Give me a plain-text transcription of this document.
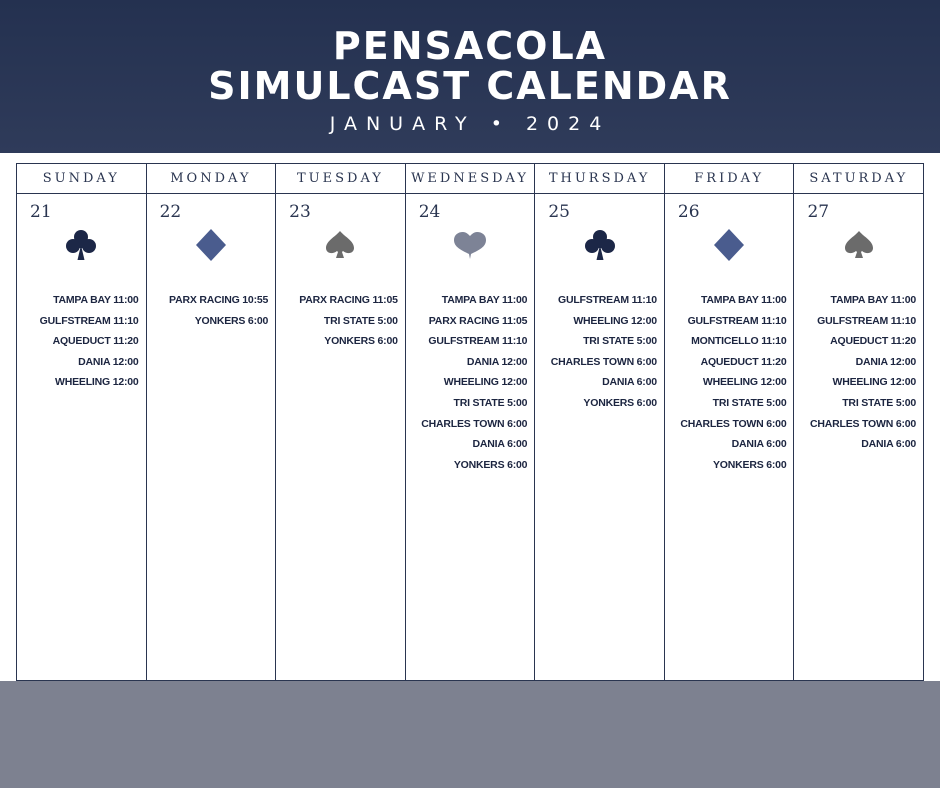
PENSACOLA
SIMULCAST CALENDAR
JANUARY • 2024
SUNDAY
21
TAMPA BAY 11:00
GULFSTREAM 11:10
AQUEDUCT 11:20
DANIA 12:00
WHEELING 12:00
MONDAY
22
PARX RACING 10:55
YONKERS 6:00
TUESDAY
23
PARX RACING 11:05
TRI STATE 5:00
YONKERS 6:00
WEDNESDAY
24
TAMPA BAY 11:00
PARX RACING 11:05
GULFSTREAM 11:10
DANIA 12:00
WHEELING 12:00
TRI STATE 5:00
CHARLES TOWN 6:00
DANIA 6:00
YONKERS 6:00
THURSDAY
25
GULFSTREAM 11:10
WHEELING 12:00
TRI STATE 5:00
CHARLES TOWN 6:00
DANIA 6:00
YONKERS 6:00
FRIDAY
26
TAMPA BAY 11:00
GULFSTREAM 11:10
MONTICELLO 11:10
AQUEDUCT 11:20
WHEELING 12:00
TRI STATE 5:00
CHARLES TOWN 6:00
DANIA 6:00
YONKERS 6:00
SATURDAY
27
TAMPA BAY 11:00
GULFSTREAM 11:10
AQUEDUCT 11:20
DANIA 12:00
WHEELING 12:00
TRI STATE 5:00
CHARLES TOWN 6:00
DANIA 6:00
